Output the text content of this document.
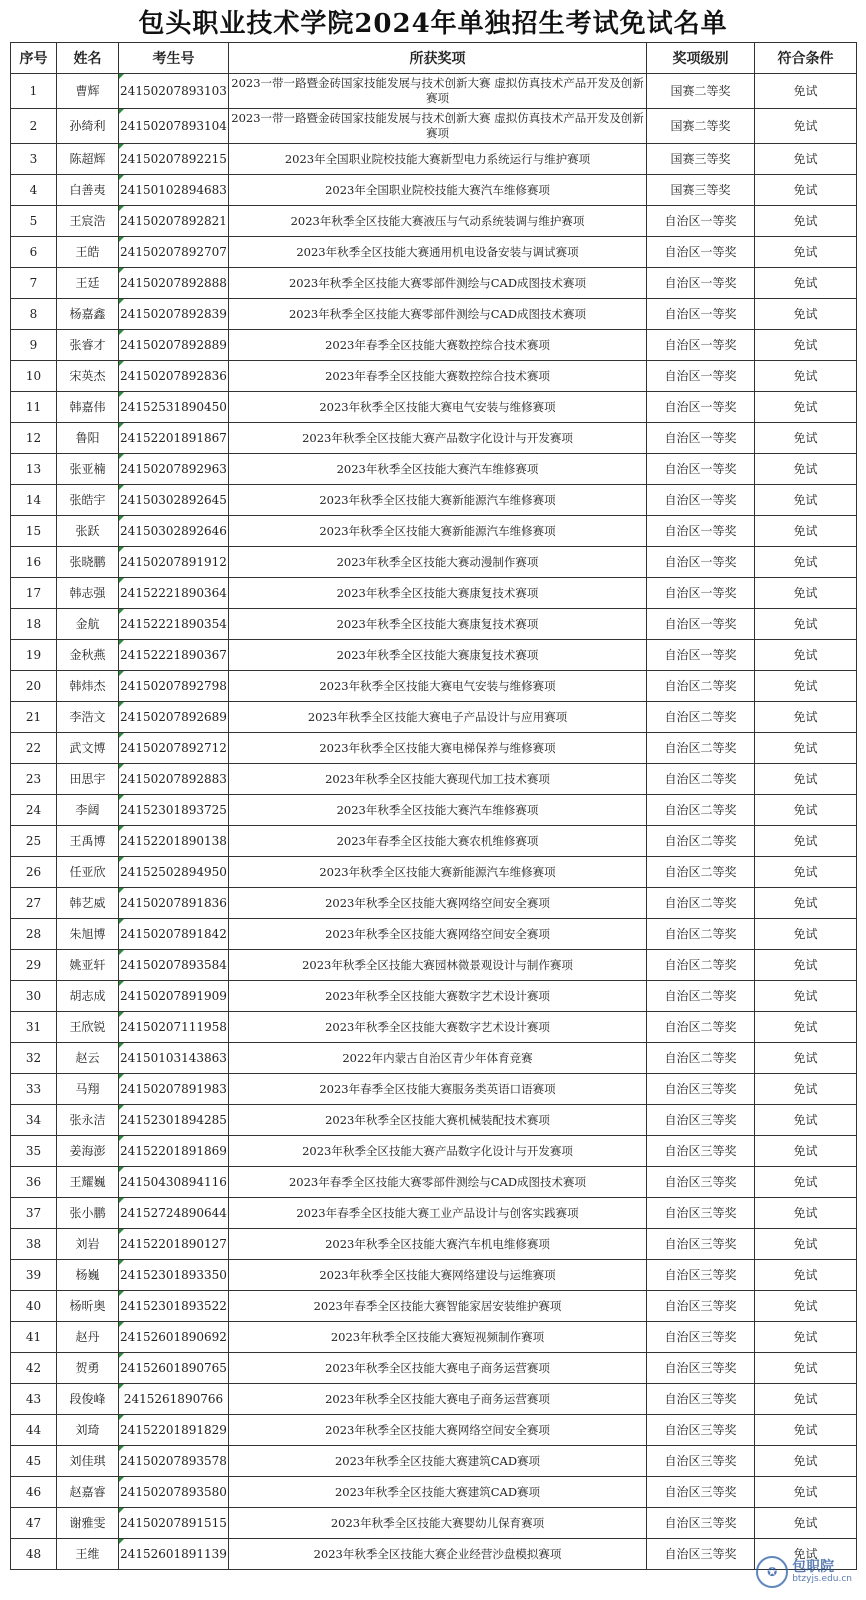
包头职业技术学院2024年单独招生考试免试名单
序号	姓名	考生号	所获奖项	奖项级别	符合条件
1	曹辉	24150207893103	2023一带一路暨金砖国家技能发展与技术创新大赛 虚拟仿真技术产品开发及创新赛项	国赛二等奖	免试
2	孙绮利	24150207893104	2023一带一路暨金砖国家技能发展与技术创新大赛 虚拟仿真技术产品开发及创新赛项	国赛二等奖	免试
3	陈超辉	24150207892215	2023年全国职业院校技能大赛新型电力系统运行与维护赛项	国赛三等奖	免试
4	白善夷	24150102894683	2023年全国职业院校技能大赛汽车维修赛项	国赛三等奖	免试
5	王宸浩	24150207892821	2023年秋季全区技能大赛液压与气动系统装调与维护赛项	自治区一等奖	免试
6	王皓	24150207892707	2023年秋季全区技能大赛通用机电设备安装与调试赛项	自治区一等奖	免试
7	王廷	24150207892888	2023年秋季全区技能大赛零部件测绘与CAD成图技术赛项	自治区一等奖	免试
8	杨嘉鑫	24150207892839	2023年秋季全区技能大赛零部件测绘与CAD成图技术赛项	自治区一等奖	免试
9	张睿才	24150207892889	2023年春季全区技能大赛数控综合技术赛项	自治区一等奖	免试
10	宋英杰	24150207892836	2023年春季全区技能大赛数控综合技术赛项	自治区一等奖	免试
11	韩嘉伟	24152531890450	2023年秋季全区技能大赛电气安装与维修赛项	自治区一等奖	免试
12	鲁阳	24152201891867	2023年秋季全区技能大赛产品数字化设计与开发赛项	自治区一等奖	免试
13	张亚楠	24150207892963	2023年秋季全区技能大赛汽车维修赛项	自治区一等奖	免试
14	张皓宇	24150302892645	2023年秋季全区技能大赛新能源汽车维修赛项	自治区一等奖	免试
15	张跃	24150302892646	2023年秋季全区技能大赛新能源汽车维修赛项	自治区一等奖	免试
16	张晓鹏	24150207891912	2023年秋季全区技能大赛动漫制作赛项	自治区一等奖	免试
17	韩志强	24152221890364	2023年秋季全区技能大赛康复技术赛项	自治区一等奖	免试
18	金航	24152221890354	2023年秋季全区技能大赛康复技术赛项	自治区一等奖	免试
19	金秋燕	24152221890367	2023年秋季全区技能大赛康复技术赛项	自治区一等奖	免试
20	韩炜杰	24150207892798	2023年秋季全区技能大赛电气安装与维修赛项	自治区二等奖	免试
21	李浩文	24150207892689	2023年秋季全区技能大赛电子产品设计与应用赛项	自治区二等奖	免试
22	武文博	24150207892712	2023年秋季全区技能大赛电梯保养与维修赛项	自治区二等奖	免试
23	田思宇	24150207892883	2023年秋季全区技能大赛现代加工技术赛项	自治区二等奖	免试
24	李阔	24152301893725	2023年秋季全区技能大赛汽车维修赛项	自治区二等奖	免试
25	王禹博	24152201890138	2023年春季全区技能大赛农机维修赛项	自治区二等奖	免试
26	任亚欣	24152502894950	2023年秋季全区技能大赛新能源汽车维修赛项	自治区二等奖	免试
27	韩艺威	24150207891836	2023年秋季全区技能大赛网络空间安全赛项	自治区二等奖	免试
28	朱旭博	24150207891842	2023年秋季全区技能大赛网络空间安全赛项	自治区二等奖	免试
29	姚亚轩	24150207893584	2023年秋季全区技能大赛园林微景观设计与制作赛项	自治区二等奖	免试
30	胡志成	24150207891909	2023年秋季全区技能大赛数字艺术设计赛项	自治区二等奖	免试
31	王欣锐	24150207111958	2023年秋季全区技能大赛数字艺术设计赛项	自治区二等奖	免试
32	赵云	24150103143863	2022年内蒙古自治区青少年体育竞赛	自治区二等奖	免试
33	马翔	24150207891983	2023年春季全区技能大赛服务类英语口语赛项	自治区三等奖	免试
34	张永洁	24152301894285	2023年秋季全区技能大赛机械装配技术赛项	自治区三等奖	免试
35	姜海澎	24152201891869	2023年秋季全区技能大赛产品数字化设计与开发赛项	自治区三等奖	免试
36	王耀巍	24150430894116	2023年春季全区技能大赛零部件测绘与CAD成图技术赛项	自治区三等奖	免试
37	张小鹏	24152724890644	2023年春季全区技能大赛工业产品设计与创客实践赛项	自治区三等奖	免试
38	刘岩	24152201890127	2023年秋季全区技能大赛汽车机电维修赛项	自治区三等奖	免试
39	杨巍	24152301893350	2023年秋季全区技能大赛网络建设与运维赛项	自治区三等奖	免试
40	杨昕奥	24152301893522	2023年春季全区技能大赛智能家居安装维护赛项	自治区三等奖	免试
41	赵丹	24152601890692	2023年秋季全区技能大赛短视频制作赛项	自治区三等奖	免试
42	贺勇	24152601890765	2023年秋季全区技能大赛电子商务运营赛项	自治区三等奖	免试
43	段俊峰	2415261890766	2023年秋季全区技能大赛电子商务运营赛项	自治区三等奖	免试
44	刘琦	24152201891829	2023年秋季全区技能大赛网络空间安全赛项	自治区三等奖	免试
45	刘佳琪	24150207893578	2023年秋季全区技能大赛建筑CAD赛项	自治区三等奖	免试
46	赵嘉睿	24150207893580	2023年秋季全区技能大赛建筑CAD赛项	自治区三等奖	免试
47	谢雅雯	24150207891515	2023年秋季全区技能大赛婴幼儿保育赛项	自治区三等奖	免试
48	王维	24152601891139	2023年秋季全区技能大赛企业经营沙盘模拟赛项	自治区三等奖	免试
✪	包职院
btzyjs.edu.cn
